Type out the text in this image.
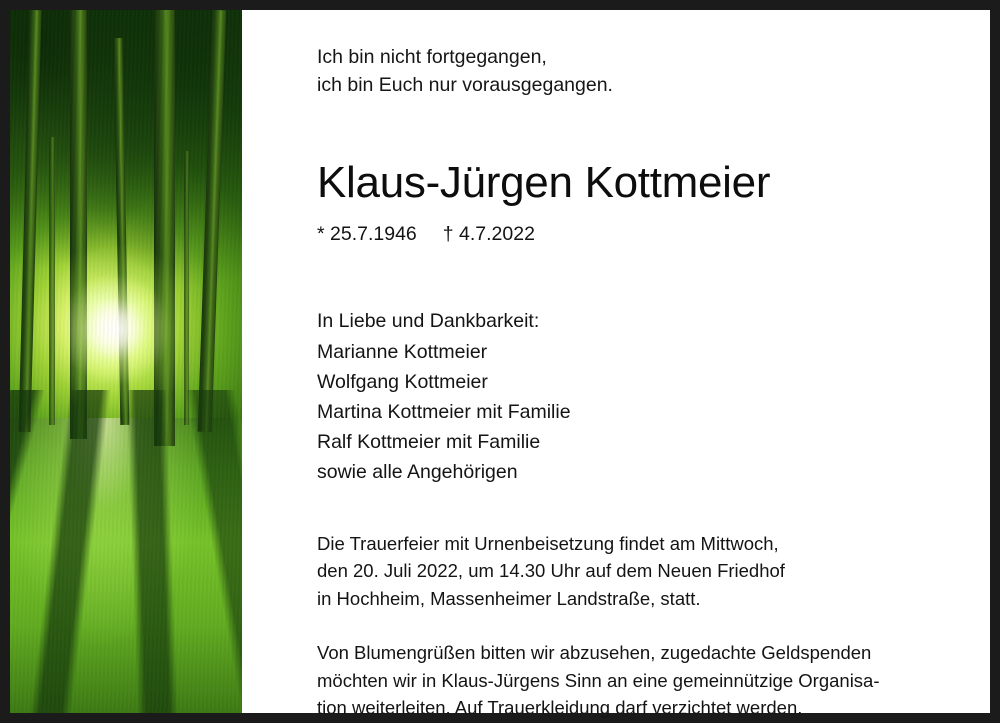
Ich bin nicht fortgegangen,
ich bin Euch nur vorausgegangen.
Klaus-Jürgen Kottmeier
* 25.7.1946 † 4.7.2022
In Liebe und Dankbarkeit:
Marianne Kottmeier
Wolfgang Kottmeier
Martina Kottmeier mit Familie
Ralf Kottmeier mit Familie
sowie alle Angehörigen
Die Trauerfeier mit Urnenbeisetzung findet am Mittwoch,
den 20. Juli 2022, um 14.30 Uhr auf dem Neuen Friedhof
in Hochheim, Massenheimer Landstraße, statt.
Von Blumengrüßen bitten wir abzusehen, zugedachte Geldspenden
möchten wir in Klaus-Jürgens Sinn an eine gemeinnützige Organisa-
tion weiterleiten. Auf Trauerkleidung darf verzichtet werden.
